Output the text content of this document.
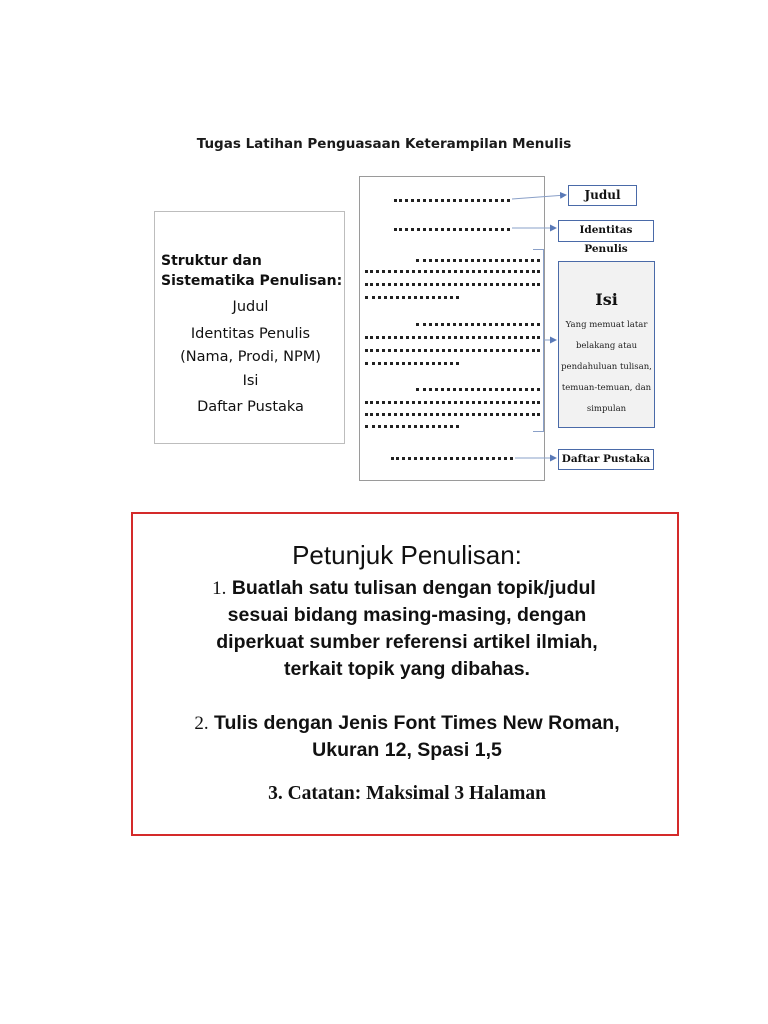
Tugas Latihan Penguasaan Keterampilan Menulis
Struktur dan Sistematika Penulisan:
Judul
Identitas Penulis (Nama, Prodi, NPM)
Isi
Daftar Pustaka
Judul
Identitas Penulis
Isi
Yang memuat latar
belakang atau
pendahuluan tulisan,
temuan-temuan, dan
simpulan
Daftar Pustaka
Petunjuk Penulisan:
1. Buatlah satu tulisan dengan topik/judul
sesuai bidang masing-masing, dengan
diperkuat sumber referensi artikel ilmiah,
terkait topik yang dibahas.
2. Tulis dengan Jenis Font Times New Roman,
Ukuran 12, Spasi 1,5
3. Catatan: Maksimal 3 Halaman
